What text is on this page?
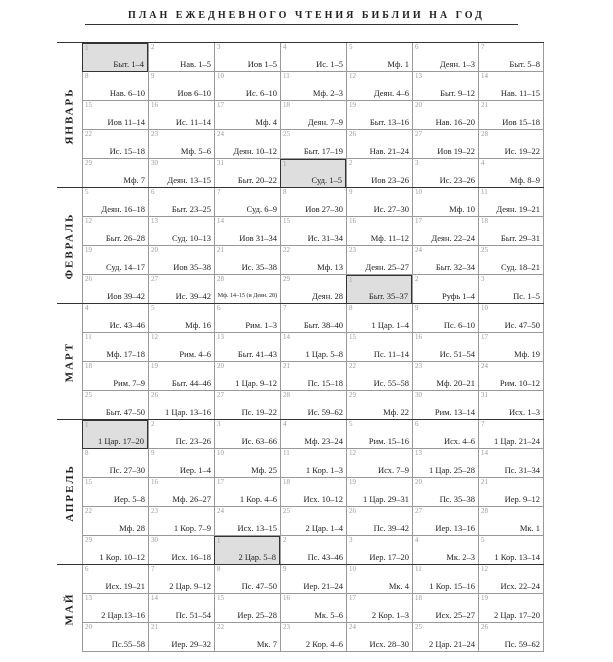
ПЛАН ЕЖЕДНЕВНОГО ЧТЕНИЯ БИБЛИИ НА ГОД
ЯНВАРЬ
1
Быт. 1–4
2
Нав. 1–5
3
Иов 1–5
4
Ис. 1–5
5
Мф. 1
6
Деян. 1–3
7
Быт. 5–8
8
Нав. 6–10
9
Иов 6–10
10
Ис. 6–10
11
Мф. 2–3
12
Деян. 4–6
13
Быт. 9–12
14
Нав. 11–15
15
Иов 11–14
16
Ис. 11–14
17
Мф. 4
18
Деян. 7–9
19
Быт. 13–16
20
Нав. 16–20
21
Иов 15–18
22
Ис. 15–18
23
Мф. 5–6
24
Деян. 10–12
25
Быт. 17–19
26
Нав. 21–24
27
Иов 19–22
28
Ис. 19–22
29
Мф. 7
30
Деян. 13–15
31
Быт. 20–22
1
Суд. 1–5
2
Иов 23–26
3
Ис. 23–26
4
Мф. 8–9
ФЕВРАЛЬ
5
Деян. 16–18
6
Быт. 23–25
7
Суд. 6–9
8
Иов 27–30
9
Ис. 27–30
10
Мф. 10
11
Деян. 19–21
12
Быт. 26–28
13
Суд. 10–13
14
Иов 31–34
15
Ис. 31–34
16
Мф. 11–12
17
Деян. 22–24
18
Быт. 29–31
19
Суд. 14–17
20
Иов 35–38
21
Ис. 35–38
22
Мф. 13
23
Деян. 25–27
24
Быт. 32–34
25
Суд. 18–21
26
Иов 39–42
27
Ис. 39–42
28
Мф. 14–15 (и Деян. 28)
29
Деян. 28
1
Быт. 35–37
2
Руфь 1–4
3
Пс. 1–5
МАРТ
4
Ис. 43–46
5
Мф. 16
6
Рим. 1–3
7
Быт. 38–40
8
1 Цар. 1–4
9
Пс. 6–10
10
Ис. 47–50
11
Мф. 17–18
12
Рим. 4–6
13
Быт. 41–43
14
1 Цар. 5–8
15
Пс. 11–14
16
Ис. 51–54
17
Мф. 19
18
Рим. 7–9
19
Быт. 44–46
20
1 Цар. 9–12
21
Пс. 15–18
22
Ис. 55–58
23
Мф. 20–21
24
Рим. 10–12
25
Быт. 47–50
26
1 Цар. 13–16
27
Пс. 19–22
28
Ис. 59–62
29
Мф. 22
30
Рим. 13–14
31
Исх. 1–3
АПРЕЛЬ
1
1 Цар. 17–20
2
Пс. 23–26
3
Ис. 63–66
4
Мф. 23–24
5
Рим. 15–16
6
Исх. 4–6
7
1 Цар. 21–24
8
Пс. 27–30
9
Иер. 1–4
10
Мф. 25
11
1 Кор. 1–3
12
Исх. 7–9
13
1 Цар. 25–28
14
Пс. 31–34
15
Иер. 5–8
16
Мф. 26–27
17
1 Кор. 4–6
18
Исх. 10–12
19
1 Цар. 29–31
20
Пс. 35–38
21
Иер. 9–12
22
Мф. 28
23
1 Кор. 7–9
24
Исх. 13–15
25
2 Цар. 1–4
26
Пс. 39–42
27
Иер. 13–16
28
Мк. 1
29
1 Кор. 10–12
30
Исх. 16–18
1
2 Цар. 5–8
2
Пс. 43–46
3
Иер. 17–20
4
Мк. 2–3
5
1 Кор. 13–14
МАЙ
6
Исх. 19–21
7
2 Цар. 9–12
8
Пс. 47–50
9
Иер. 21–24
10
Мк. 4
11
1 Кор. 15–16
12
Исх. 22–24
13
2 Цар.13–16
14
Пс. 51–54
15
Иер. 25–28
16
Мк. 5–6
17
2 Кор. 1–3
18
Исх. 25–27
19
2 Цар. 17–20
20
Пс.55–58
21
Иер. 29–32
22
Мк. 7
23
2 Кор. 4–6
24
Исх. 28–30
25
2 Цар. 21–24
26
Пс. 59–62
